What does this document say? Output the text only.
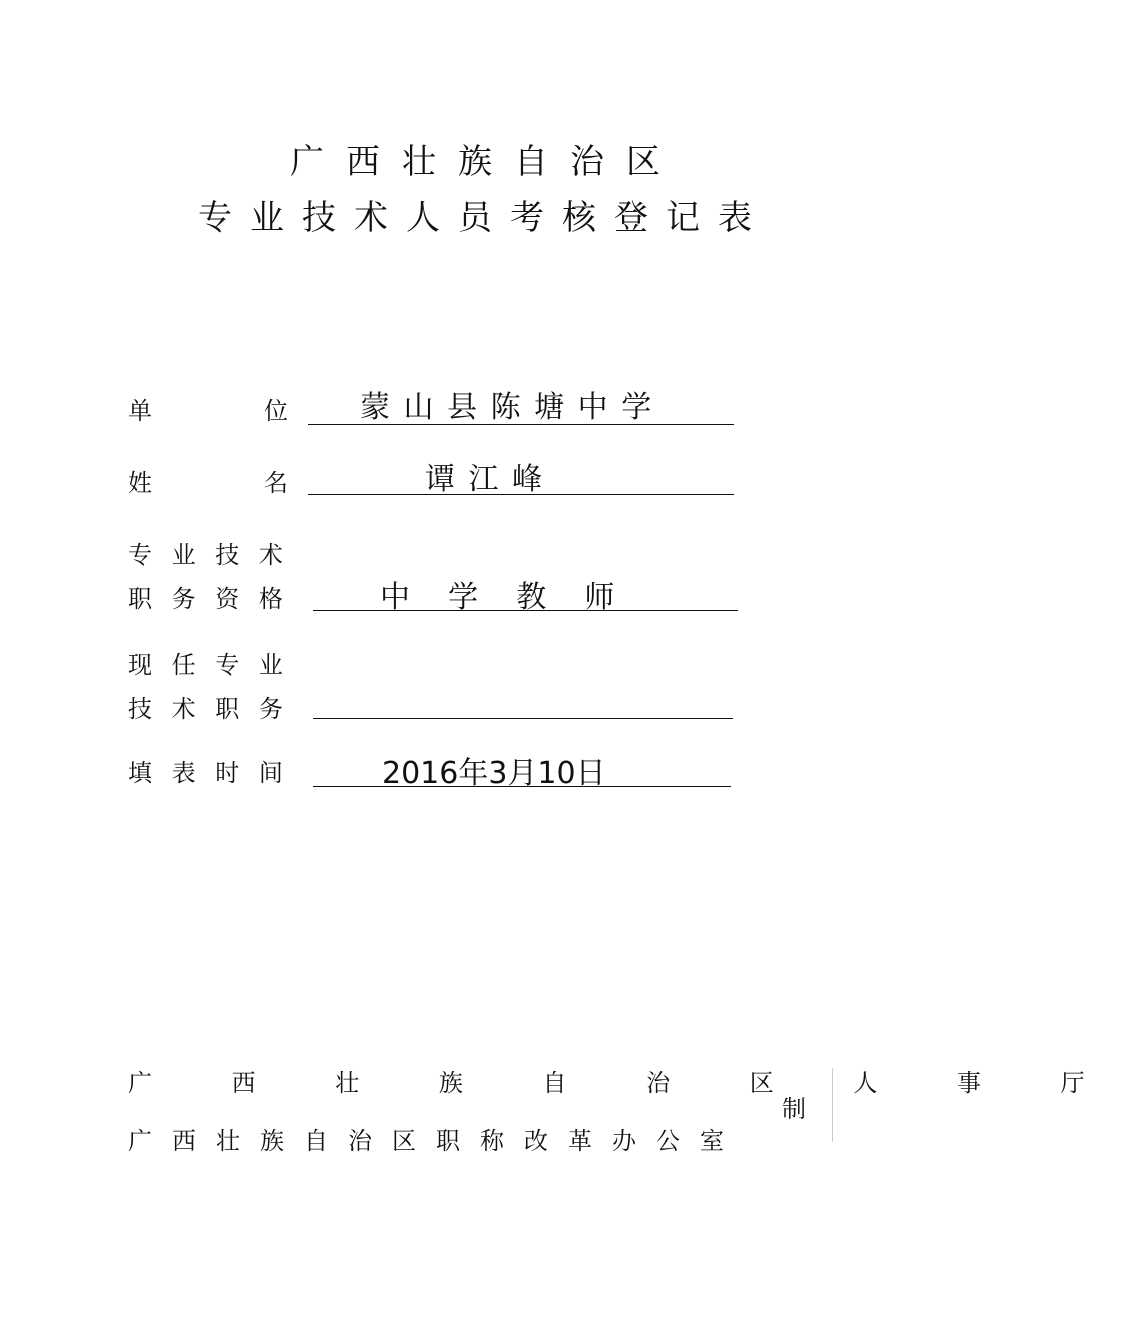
广西壮族自治区
专业技术人员考核登记表
单	位 蒙 山 县 陈 塘 中 学
姓	名	谭 江 峰
专 业 技 术
职 务 资 格	中    学    教    师
现 任 专 业
技 术 职 务
填 表 时 间	2016年3月10日
广 西 壮 族 自 治 区 人 事 厅
广西壮族自治区职称改革办公室
制
